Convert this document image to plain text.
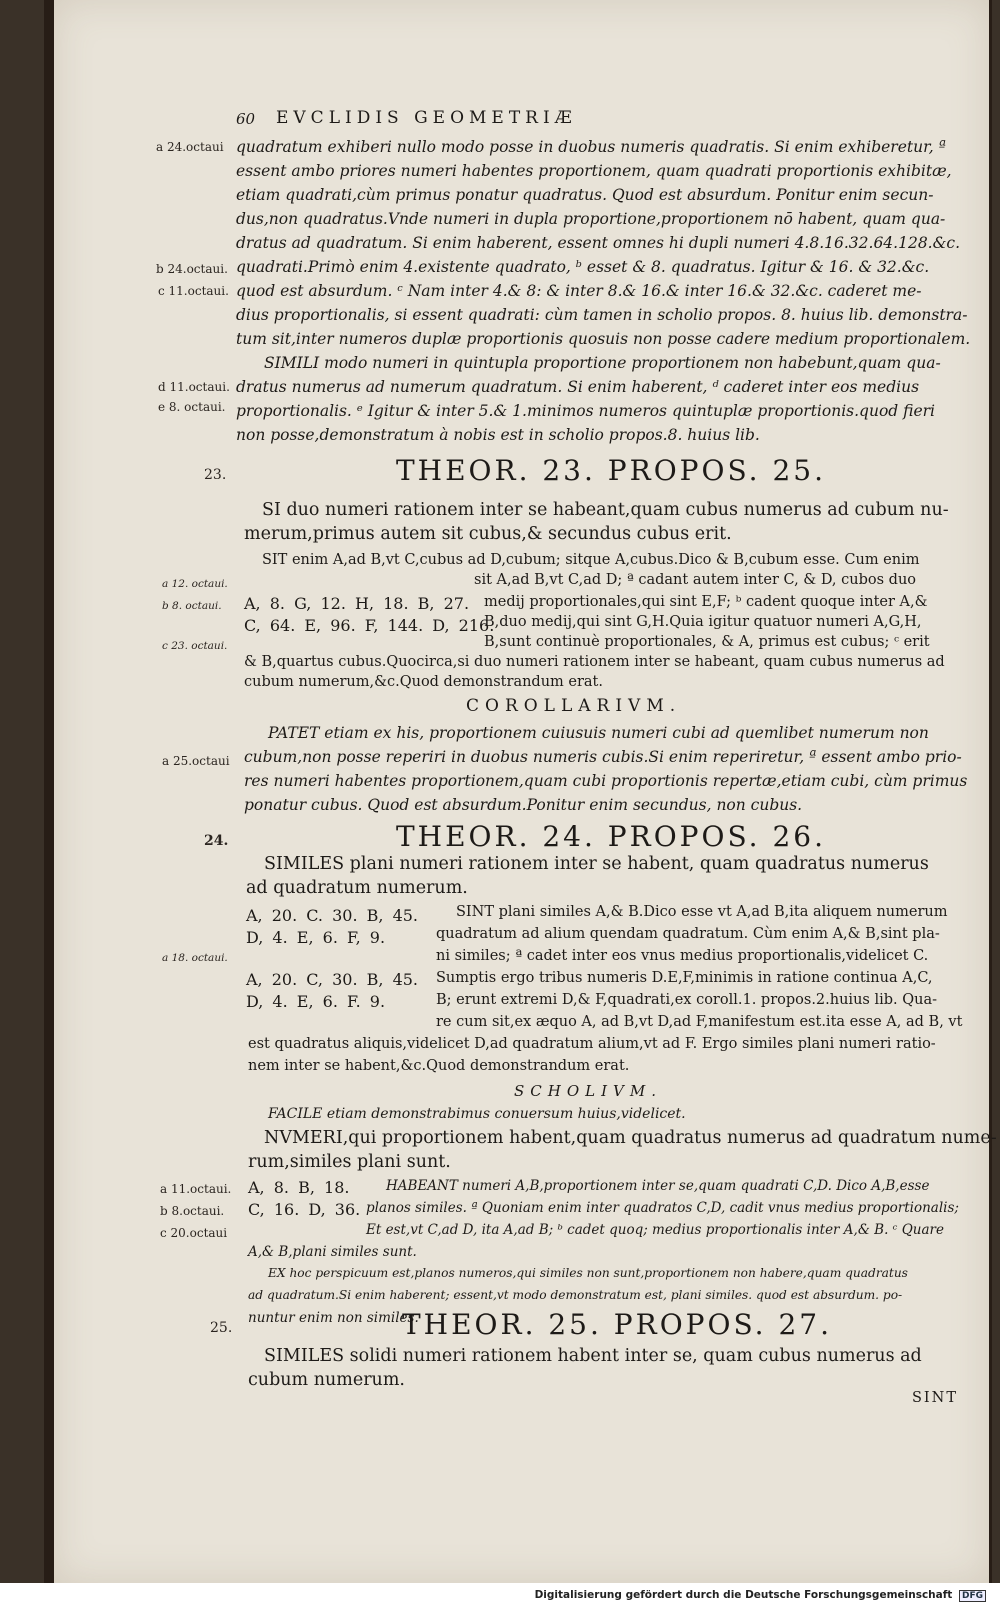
60 EVCLIDIS GEOMETRIÆ
a 24.octaui
b 24.octaui.
c 11.octaui.
d 11.octaui.
e 8. octaui.
23.
a 12. octaui.
b 8. octaui.
c 23. octaui.
a 25.octaui
24.
a 18. octaui.
a 11.octaui.
b 8.octaui.
c 20.octaui
25.
quadratum exhiberi nullo modo posse in duobus numeris quadratis. Si enim exhiberetur, ª
essent ambo priores numeri habentes proportionem, quam quadrati proportionis exhibitæ,
etiam quadrati,cùm primus ponatur quadratus. Quod est absurdum. Ponitur enim secun-
dus,non quadratus.Vnde numeri in dupla proportione,proportionem nō habent, quam qua-
dratus ad quadratum. Si enim haberent, essent omnes hi dupli numeri 4.8.16.32.64.128.&c.
quadrati.Primò enim 4.existente quadrato, ᵇ esset & 8. quadratus. Igitur & 16. & 32.&c.
quod est absurdum. ᶜ Nam inter 4.& 8: & inter 8.& 16.& inter 16.& 32.&c. caderet me-
dius proportionalis, si essent quadrati: cùm tamen in scholio propos. 8. huius lib. demonstra-
tum sit,inter numeros duplæ proportionis quosuis non posse cadere medium proportionalem.
SIMILI modo numeri in quintupla proportione proportionem non habebunt,quam qua-
dratus numerus ad numerum quadratum. Si enim haberent, ᵈ caderet inter eos medius
proportionalis. ᵉ Igitur & inter 5.& 1.minimos numeros quintuplæ proportionis.quod fieri
non posse,demonstratum à nobis est in scholio propos.8. huius lib.
THEOR. 23. PROPOS. 25.
SI duo numeri rationem inter se habeant,quam cubus numerus ad cubum nu-
merum,primus autem sit cubus,& secundus cubus erit.
SIT enim A,ad B,vt C,cubus ad D,cubum; sitque A,cubus.Dico & B,cubum esse. Cum enim
sit A,ad B,vt C,ad D; ª cadant autem inter C, & D, cubos duo
A, 8. G, 12. H, 18. B, 27. medij proportionales,qui sint E,F; ᵇ cadent quoque inter A,&
C, 64. E, 96. F, 144. D, 216.
B,duo medij,qui sint G,H.Quia igitur quatuor numeri A,G,H,
B,sunt continuè proportionales, & A, primus est cubus; ᶜ erit
& B,quartus cubus.Quocirca,si duo numeri rationem inter se habeant, quam cubus numerus ad
cubum numerum,&c.Quod demonstrandum erat.
COROLLARIVM.
PATET etiam ex his, proportionem cuiusuis numeri cubi ad quemlibet numerum non
cubum,non posse reperiri in duobus numeris cubis.Si enim reperiretur, ª essent ambo prio-
res numeri habentes proportionem,quam cubi proportionis repertæ,etiam cubi, cùm primus
ponatur cubus. Quod est absurdum.Ponitur enim secundus, non cubus.
THEOR. 24. PROPOS. 26.
SIMILES plani numeri rationem inter se habent, quam quadratus numerus
ad quadratum numerum.
A, 20. C. 30. B, 45.	SINT plani similes A,& B.Dico esse vt A,ad B,ita aliquem numerum
D, 4. E, 6. F, 9.	quadratum ad alium quendam quadratum. Cùm enim A,& B,sint pla-
ni similes; ª cadet inter eos vnus medius proportionalis,videlicet C.
A, 20. C, 30. B, 45. Sumptis ergo tribus numeris D.E,F,minimis in ratione continua A,C,
D, 4. E, 6. F. 9.	B; erunt extremi D,& F,quadrati,ex coroll.1. propos.2.huius lib. Qua-
re cum sit,ex æquo A, ad B,vt D,ad F,manifestum est.ita esse A, ad B, vt
est quadratus aliquis,videlicet D,ad quadratum alium,vt ad F. Ergo similes plani numeri ratio-
nem inter se habent,&c.Quod demonstrandum erat.
SCHOLIVM.
FACILE etiam demonstrabimus conuersum huius,videlicet.
NVMERI,qui proportionem habent,quam quadratus numerus ad quadratum nume-
rum,similes plani sunt.
A, 8. B, 18.	HABEANT numeri A,B,proportionem inter se,quam quadrati C,D. Dico A,B,esse
C, 16. D, 36. planos similes. ª Quoniam enim inter quadratos C,D, cadit vnus medius proportionalis;
Et est,vt C,ad D, ita A,ad B; ᵇ cadet quoq; medius proportionalis inter A,& B. ᶜ Quare
A,& B,plani similes sunt.
EX hoc perspicuum est,planos numeros,qui similes non sunt,proportionem non habere,quam quadratus
ad quadratum.Si enim haberent; essent,vt modo demonstratum est, plani similes. quod est absurdum. po-
nuntur enim non similes.
THEOR. 25. PROPOS. 27.
SIMILES solidi numeri rationem habent inter se, quam cubus numerus ad
cubum numerum.
SINT
Digitalisierung gefördert durch die Deutsche Forschungsgemeinschaft DFG
